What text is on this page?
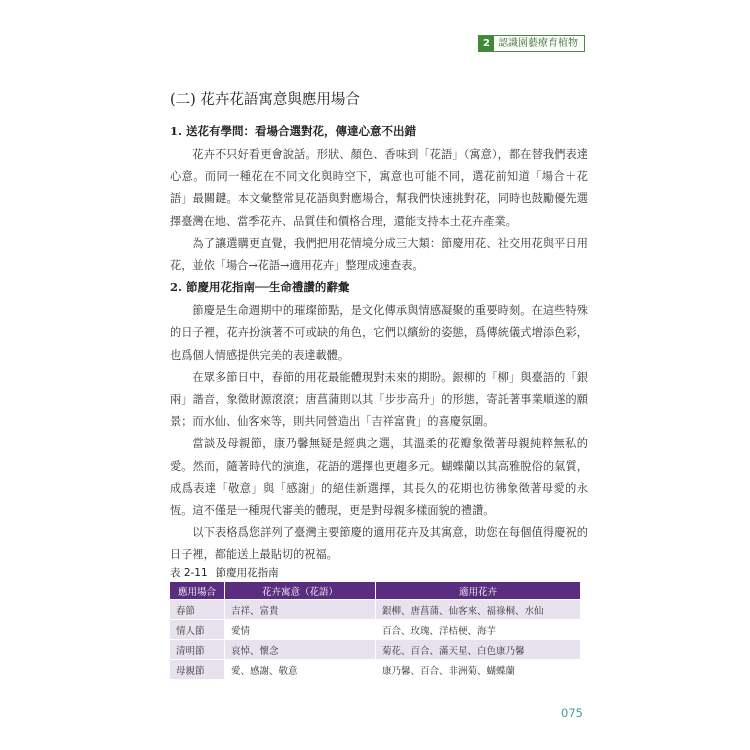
2 認識園藝療育植物
(二) 花卉花語寓意與應用場合
1. 送花有學問：看場合選對花，傳達心意不出錯

花卉不只好看更會說話。形狀、顏色、香味到「花語」（寓意），都在替我們表達心意。而同一種花在不同文化與時空下，寓意也可能不同，選花前知道「場合＋花語」最關鍵。本文彙整常見花語與對應場合，幫我們快速挑對花，同時也鼓勵優先選擇臺灣在地、當季花卉、品質佳和價格合理，還能支持本土花卉產業。

為了讓選購更直覺，我們把用花情境分成三大類：節慶用花、社交用花與平日用花，並依「場合→花語→適用花卉」整理成速查表。

2. 節慶用花指南──生命禮讚的辭彙

節慶是生命週期中的璀璨節點，是文化傳承與情感凝聚的重要時刻。在這些特殊的日子裡，花卉扮演著不可或缺的角色，它們以繽紛的姿態，爲傳統儀式增添色彩，也爲個人情感提供完美的表達載體。

在眾多節日中，春節的用花最能體現對未來的期盼。銀柳的「柳」與臺語的「銀兩」諧音，象徵財源滾滾；唐菖蒲則以其「步步高升」的形態，寄託著事業順遂的願景；而水仙、仙客來等，則共同營造出「吉祥富貴」的喜慶氛圍。

當談及母親節，康乃馨無疑是經典之選，其溫柔的花瓣象徵著母親純粹無私的愛。然而，隨著時代的演進，花語的選擇也更趨多元。蝴蝶蘭以其高雅脫俗的氣質，成爲表達「敬意」與「感謝」的絕佳新選擇，其長久的花期也彷彿象徵著母愛的永恆。這不僅是一種現代審美的體現，更是對母親多樣面貌的禮讚。

以下表格爲您詳列了臺灣主要節慶的適用花卉及其寓意，助您在每個值得慶祝的日子裡，都能送上最貼切的祝福。

表 2-11 節慶用花指南
應用場合	花卉寓意（花語）	適用花卉
春節	吉祥、富貴	銀柳、唐菖蒲、仙客來、福祿桐、水仙
情人節	愛情	百合、玫瑰、洋桔梗、海芋
清明節	哀悼、懷念	菊花、百合、滿天星、白色康乃馨
母親節	愛、感謝、敬意	康乃馨、百合、非洲菊、蝴蝶蘭
075
